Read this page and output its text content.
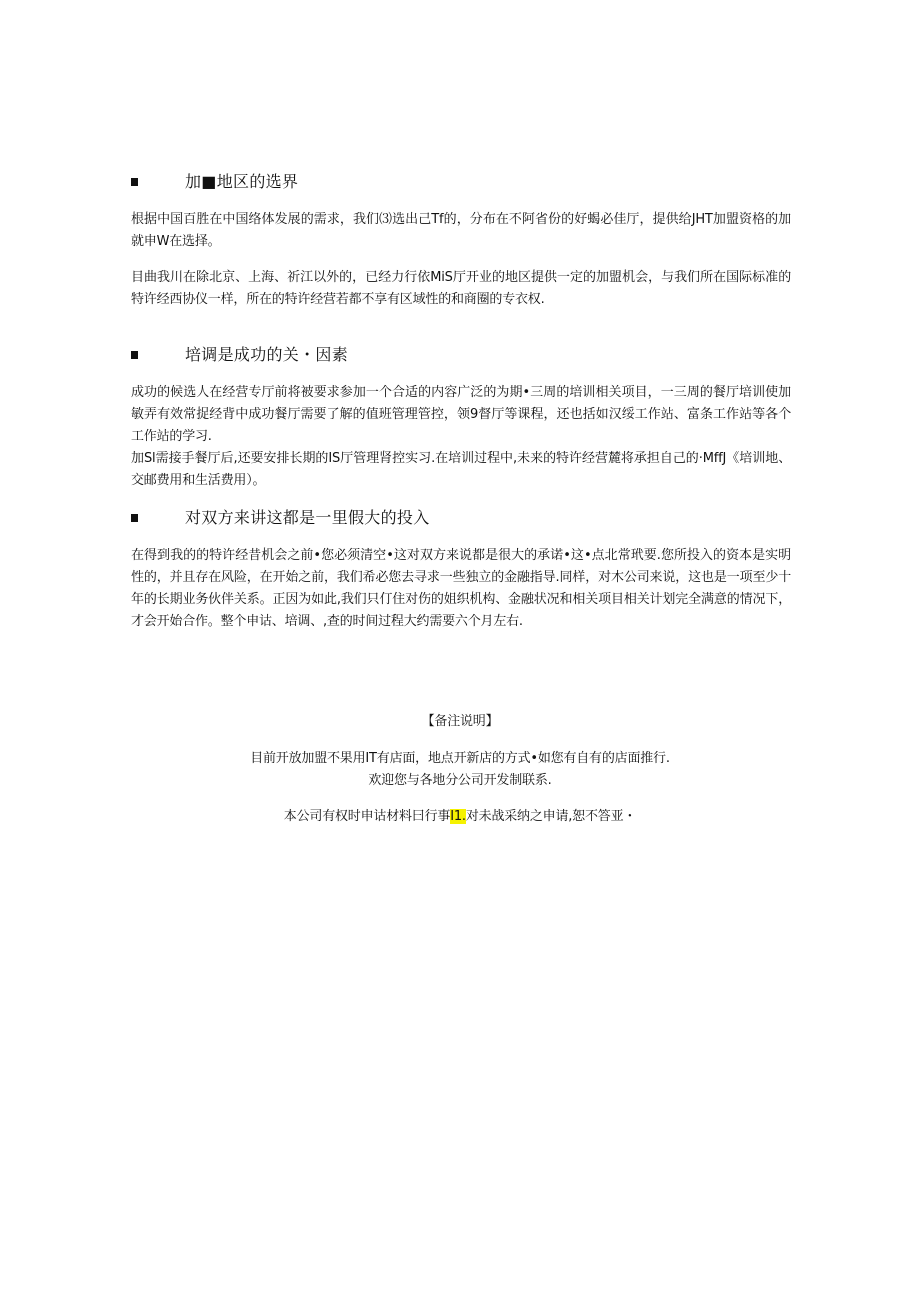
加■地区的选界

根据中国百胜在中国络体发展的需求，我们⑶选出己Tf的，分布在不阿省份的好蝎必佳厅，提供给JHT加盟资格的加就申W在选择。

目曲我川在除北京、上海、祈江以外的，已经力行依MiS厅开业的地区提供一定的加盟机会，与我们所在国际标准的特许经西协仪一样，所在的特许经营若都不享有区域性的和商圈的专衣权.

培调是成功的关・因素

成功的候选人在经营专厅前将被要求参加一个合适的内容广泛的为期•三周的培训相关项目，一三周的餐厅培训使加敏弄有效常捉经背中成功餐厅需要了解的值班管理管控，领9督厅等课程，还也括如汉绥工作站、富条工作站等各个工作站的学习.

加Sl需接手餐厅后,还要安排长期的IS厅管理肾控实习.在培训过程中,未来的特许经营麓将承担自己的·MffJ《培训地、交邮费用和生活费用）。

对双方来讲这都是一里假大的投入

在得到我的的特许经昔机会之前•您必须清空•这对双方来说都是很大的承诺•这•点北常玳要.您所投入的资本是实明性的，并且存在风险，在开始之前，我们希必您去寻求一些独立的金融指导.同样，对木公司来说，这也是一项至少十年的长期业务伙伴关系。正因为如此,我们只仃住对伤的姐织机构、金融状况和相关项目相关计划完全满意的情况下，才会开始合作。整个申诂、培调、,查的时间过程大约需要六个月左右.

【备注说明】

目前开放加盟不果用IT有店面，地点开新店的方式•如您有自有的店面推行.

欢迎您与各地分公司开发制联系.

本公司有权时申诂材料曰行事I1.对未战采纳之申请,恕不答亚・
